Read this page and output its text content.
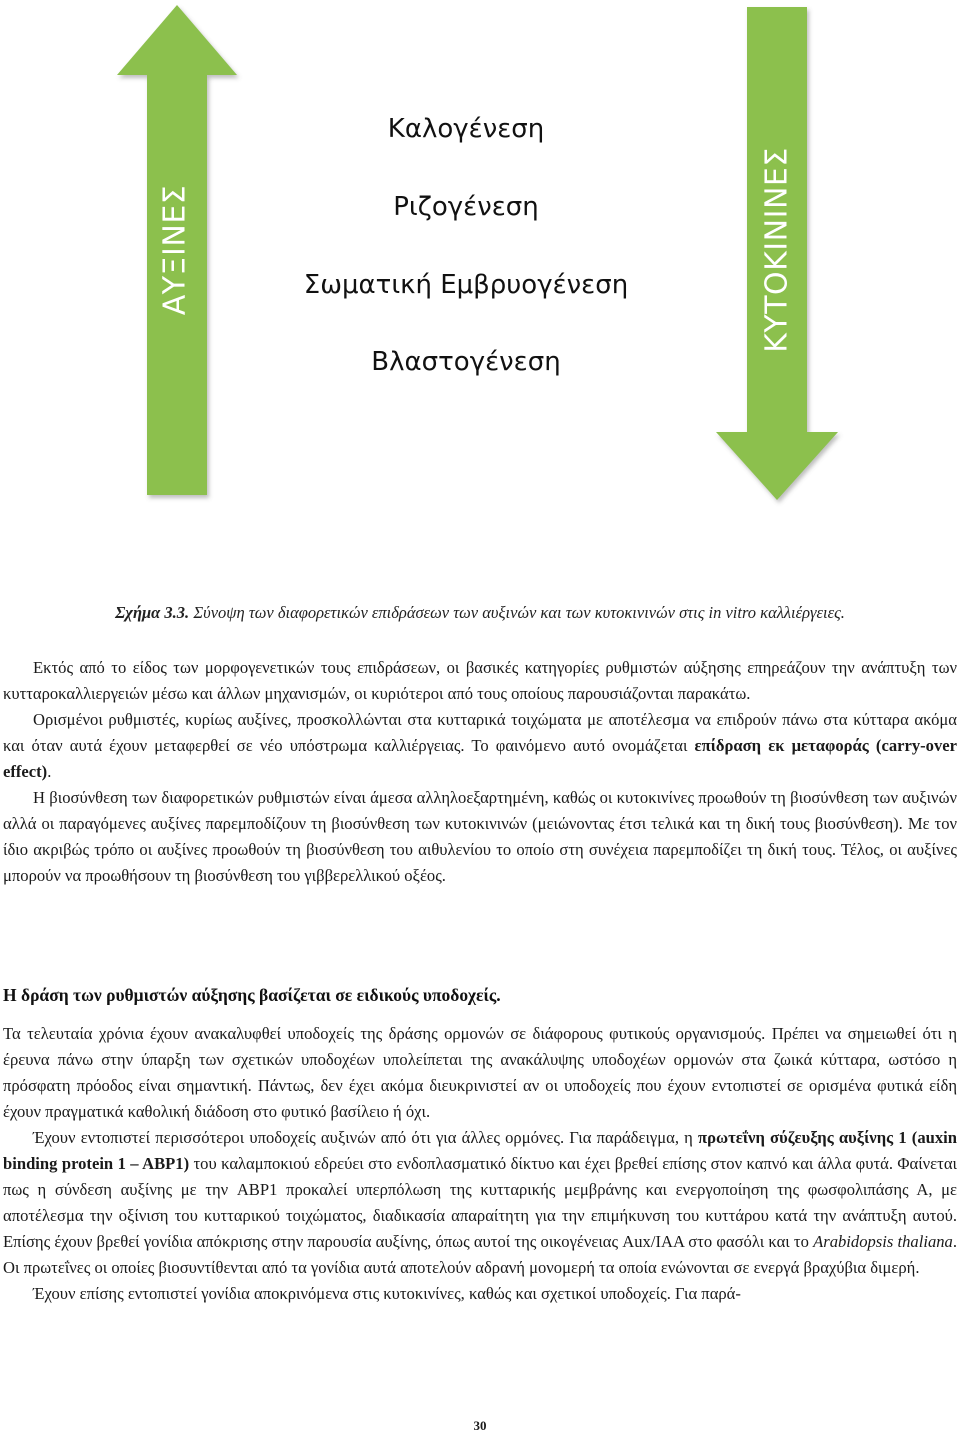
ΑΥΞΙΝΕΣ	ΚΥΤΟΚΙΝΙΝΕΣ
Καλογένεση
Ριζογένεση
Σωματική Εμβρυογένεση
Βλαστογένεση
Σχήμα 3.3. Σύνοψη των διαφορετικών επιδράσεων των αυξινών και των κυτοκινινών στις in vitro καλλιέργειες.

Εκτός από το είδος των μορφογενετικών τους επιδράσεων, οι βασικές κατηγορίες ρυθμιστών αύξησης επηρεάζουν την ανάπτυξη των κυτταροκαλλιεργειών μέσω και άλλων μηχανισμών, οι κυριότεροι από τους οποίους παρουσιάζονται παρακάτω.

Ορισμένοι ρυθμιστές, κυρίως αυξίνες, προσκολλώνται στα κυτταρικά τοιχώματα με αποτέλεσμα να επιδρούν πάνω στα κύτταρα ακόμα και όταν αυτά έχουν μεταφερθεί σε νέο υπόστρωμα καλλιέργειας. Το φαινόμενο αυτό ονομάζεται επίδραση εκ μεταφοράς (carry-over effect).

Η βιοσύνθεση των διαφορετικών ρυθμιστών είναι άμεσα αλληλοεξαρτημένη, καθώς οι κυτοκινίνες προωθούν τη βιοσύνθεση των αυξινών αλλά οι παραγόμενες αυξίνες παρεμποδίζουν τη βιοσύνθεση των κυτοκινινών (μειώνοντας έτσι τελικά και τη δική τους βιοσύνθεση). Με τον ίδιο ακριβώς τρόπο οι αυξίνες προωθούν τη βιοσύνθεση του αιθυλενίου το οποίο στη συνέχεια παρεμποδίζει τη δική τους. Τέλος, οι αυξίνες μπορούν να προωθήσουν τη βιοσύνθεση του γιββερελλικού οξέος.

Η δράση των ρυθμιστών αύξησης βασίζεται σε ειδικούς υποδοχείς.

Τα τελευταία χρόνια έχουν ανακαλυφθεί υποδοχείς της δράσης ορμονών σε διάφορους φυτικούς οργανισμούς. Πρέπει να σημειωθεί ότι η έρευνα πάνω στην ύπαρξη των σχετικών υποδοχέων υπολείπεται της ανακάλυψης υποδοχέων ορμονών στα ζωικά κύτταρα, ωστόσο η πρόσφατη πρόοδος είναι σημαντική. Πάντως, δεν έχει ακόμα διευκρινιστεί αν οι υποδοχείς που έχουν εντοπιστεί σε ορισμένα φυτικά είδη έχουν πραγματικά καθολική διάδοση στο φυτικό βασίλειο ή όχι.

Έχουν εντοπιστεί περισσότεροι υποδοχείς αυξινών από ότι για άλλες ορμόνες. Για παράδειγμα, η πρωτεΐνη σύζευξης αυξίνης 1 (auxin binding protein 1 – ABP1) του καλαμποκιού εδρεύει στο ενδοπλασματικό δίκτυο και έχει βρεθεί επίσης στον καπνό και άλλα φυτά. Φαίνεται πως η σύνδεση αυξίνης με την ABP1 προκαλεί υπερπόλωση της κυτταρικής μεμβράνης και ενεργοποίηση της φωσφολιπάσης Α, με αποτέλεσμα την οξίνιση του κυτταρικού τοιχώματος, διαδικασία απαραίτητη για την επιμήκυνση του κυττάρου κατά την ανάπτυξη αυτού. Επίσης έχουν βρεθεί γονίδια απόκρισης στην παρουσία αυξίνης, όπως αυτοί της οικογένειας Aux/IAA στο φασόλι και το Arabidopsis thaliana. Οι πρωτεΐνες οι οποίες βιοσυντίθενται από τα γονίδια αυτά αποτελούν αδρανή μονομερή τα οποία ενώνονται σε ενεργά βραχύβια διμερή.

Έχουν επίσης εντοπιστεί γονίδια αποκρινόμενα στις κυτοκινίνες, καθώς και σχετικοί υποδοχείς. Για παρά-

30
